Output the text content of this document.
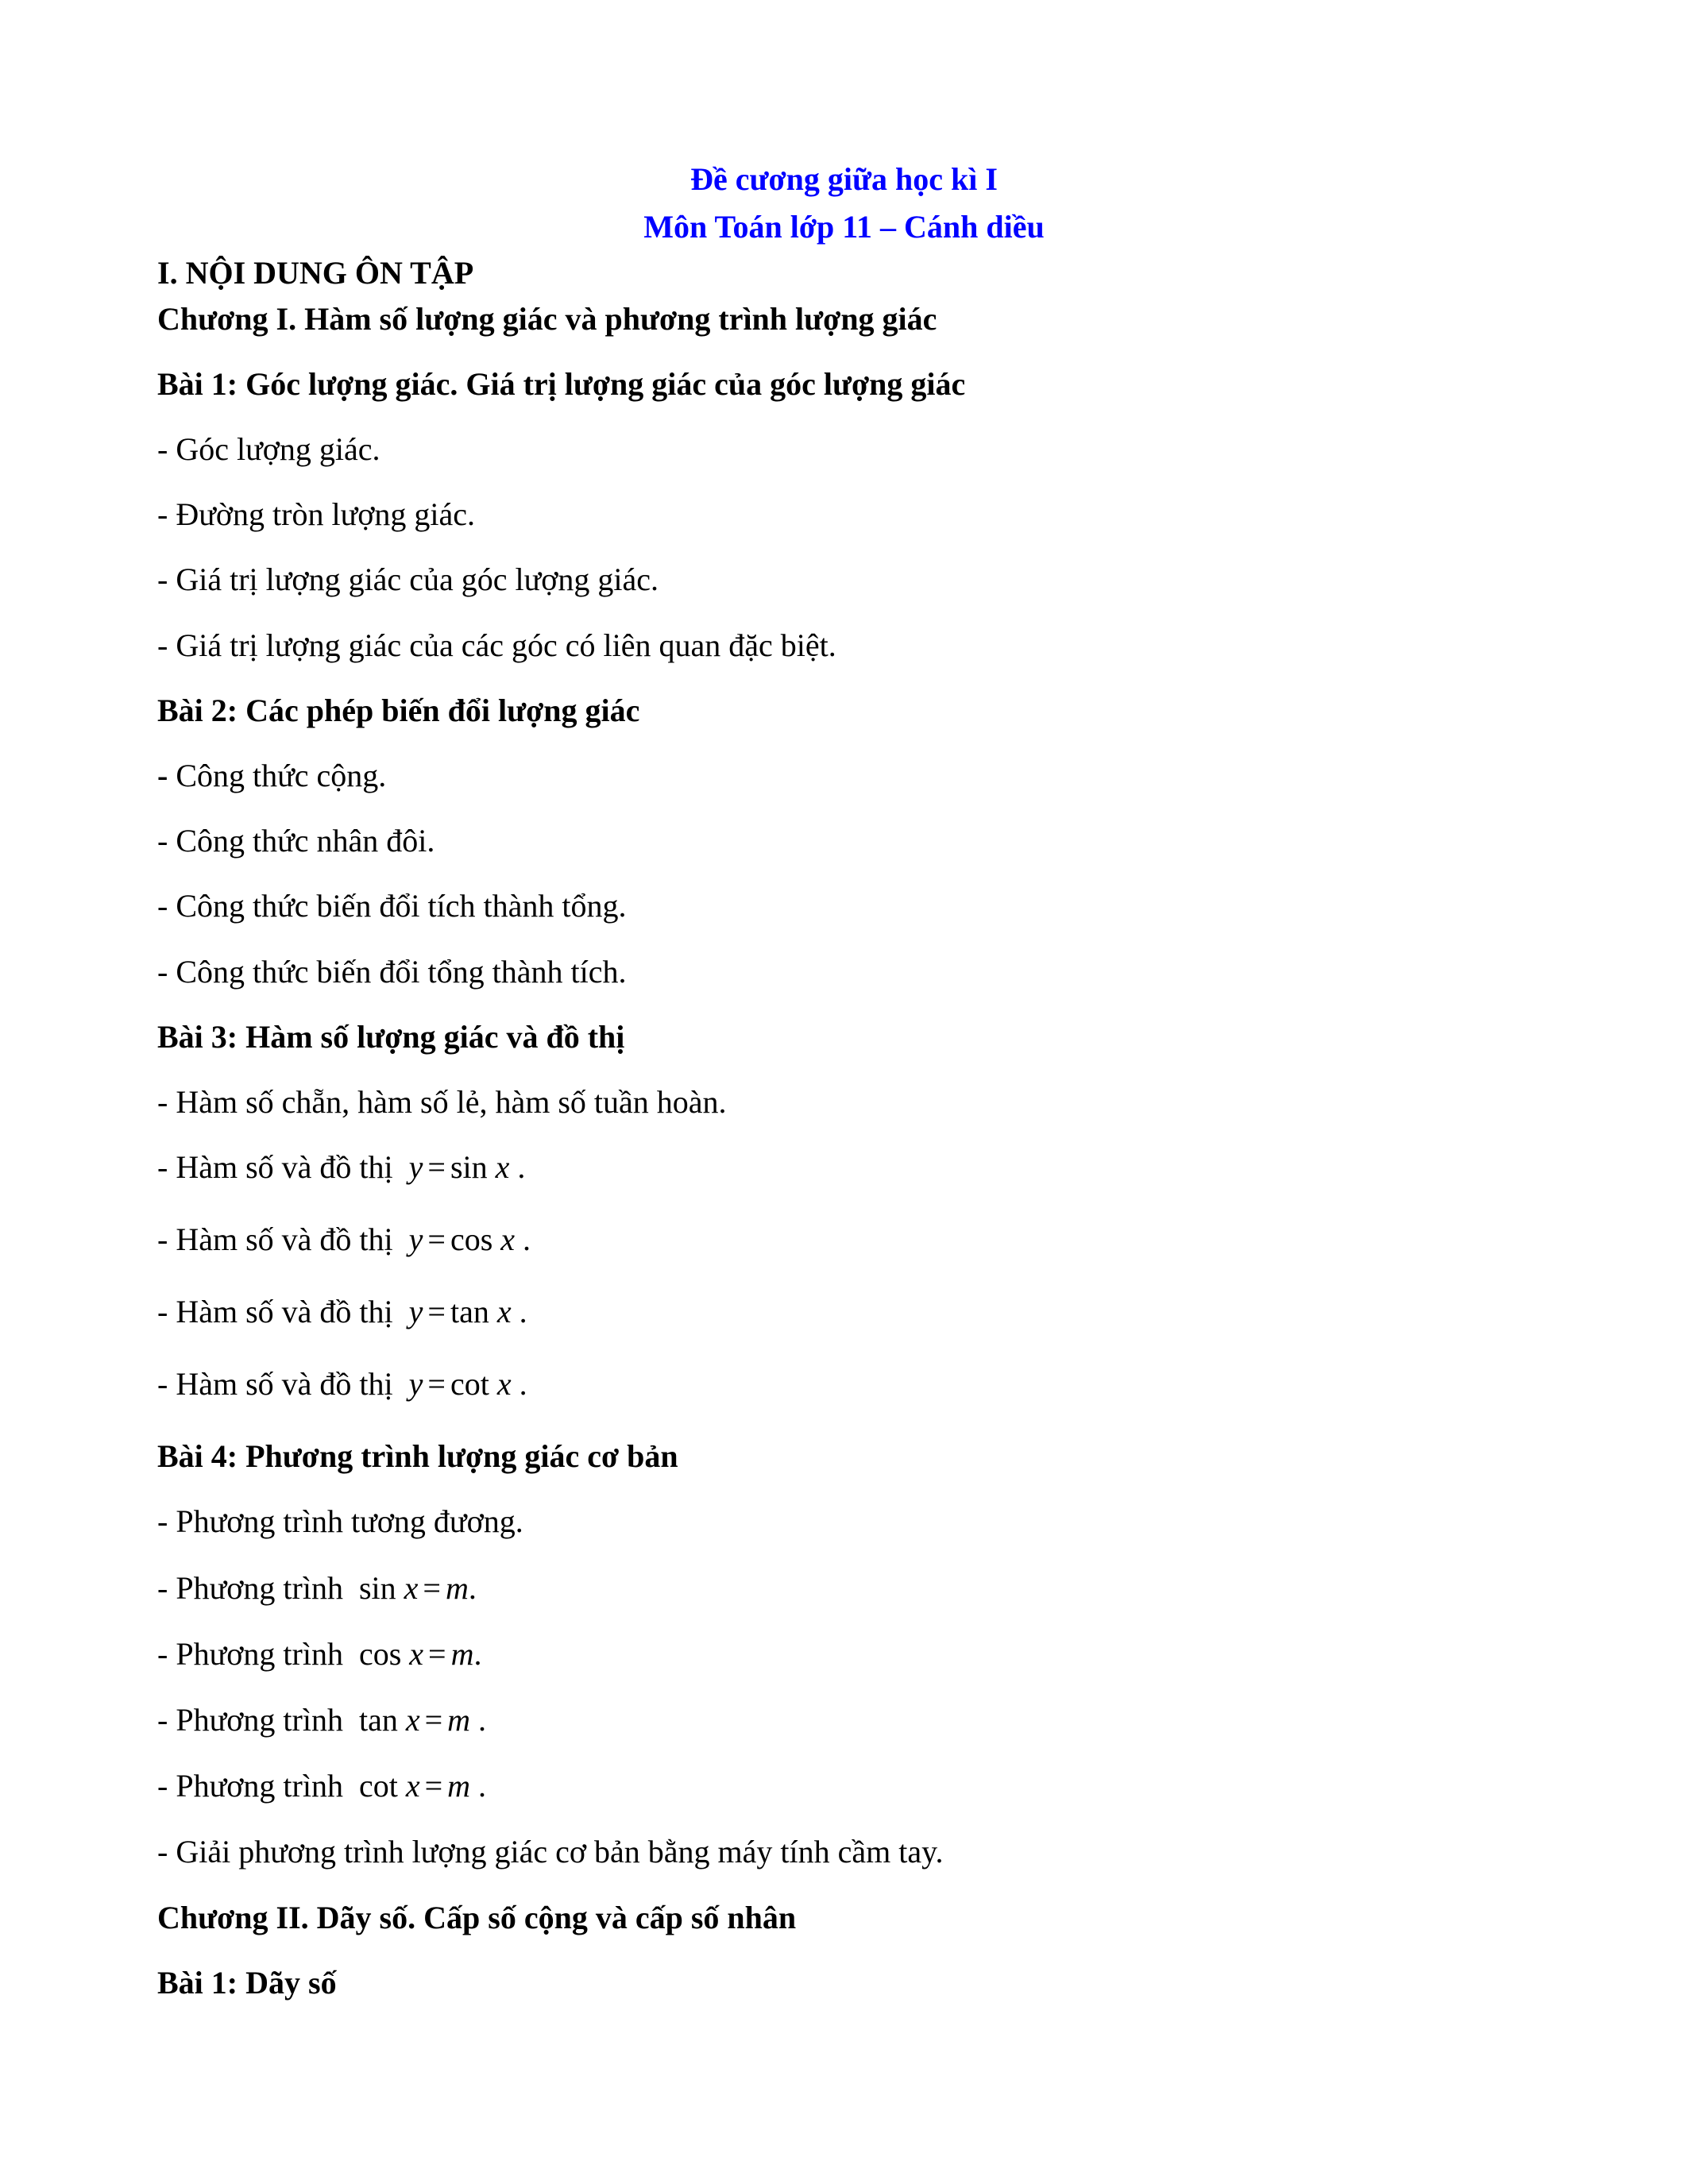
Đề cương giữa học kì I
Môn Toán lớp 11 – Cánh diều
I. NỘI DUNG ÔN TẬP
Chương I. Hàm số lượng giác và phương trình lượng giác
Bài 1: Góc lượng giác. Giá trị lượng giác của góc lượng giác
- Góc lượng giác.
- Đường tròn lượng giác.
- Giá trị lượng giác của góc lượng giác.
- Giá trị lượng giác của các góc có liên quan đặc biệt.
Bài 2: Các phép biến đổi lượng giác
- Công thức cộng.
- Công thức nhân đôi.
- Công thức biến đổi tích thành tổng.
- Công thức biến đổi tổng thành tích.
Bài 3: Hàm số lượng giác và đồ thị
- Hàm số chẵn, hàm số lẻ, hàm số tuần hoàn.
- Hàm số và đồ thị y = sin x .
- Hàm số và đồ thị y = cos x .
- Hàm số và đồ thị y = tan x .
- Hàm số và đồ thị y = cot x .
Bài 4: Phương trình lượng giác cơ bản
- Phương trình tương đương.
- Phương trình sin x = m.
- Phương trình cos x = m.
- Phương trình tan x = m .
- Phương trình cot x = m .
- Giải phương trình lượng giác cơ bản bằng máy tính cầm tay.
Chương II. Dãy số. Cấp số cộng và cấp số nhân
Bài 1: Dãy số
